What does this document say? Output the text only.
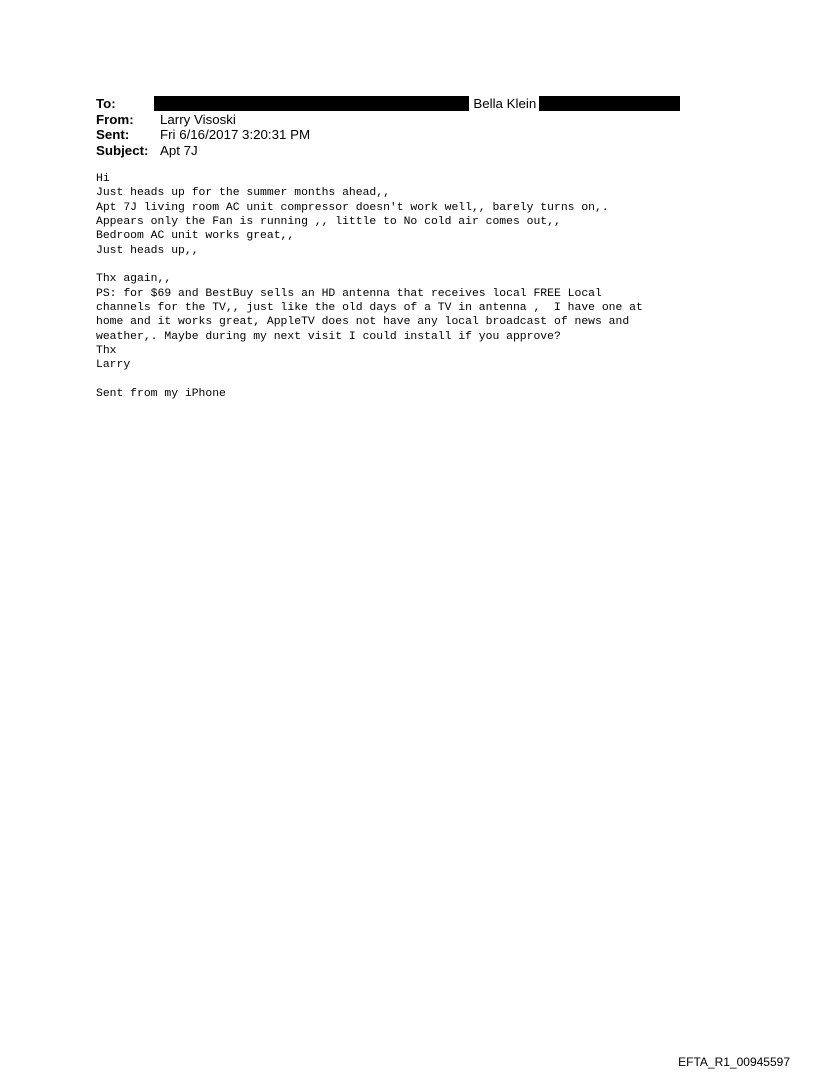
To:	; Bella Klein
From: Larry Visoski
Sent: Fri 6/16/2017 3:20:31 PM
Subject: Apt 7J
Hi
Just heads up for the summer months ahead,,
Apt 7J living room AC unit compressor doesn't work well,, barely turns on,.
Appears only the Fan is running ,, little to No cold air comes out,,
Bedroom AC unit works great,,
Just heads up,,

Thx again,,
PS: for $69 and BestBuy sells an HD antenna that receives local FREE Local
channels for the TV,, just like the old days of a TV in antenna ,  I have one at
home and it works great, AppleTV does not have any local broadcast of news and
weather,. Maybe during my next visit I could install if you approve?
Thx
Larry

Sent from my iPhone
EFTA_R1_00945597
